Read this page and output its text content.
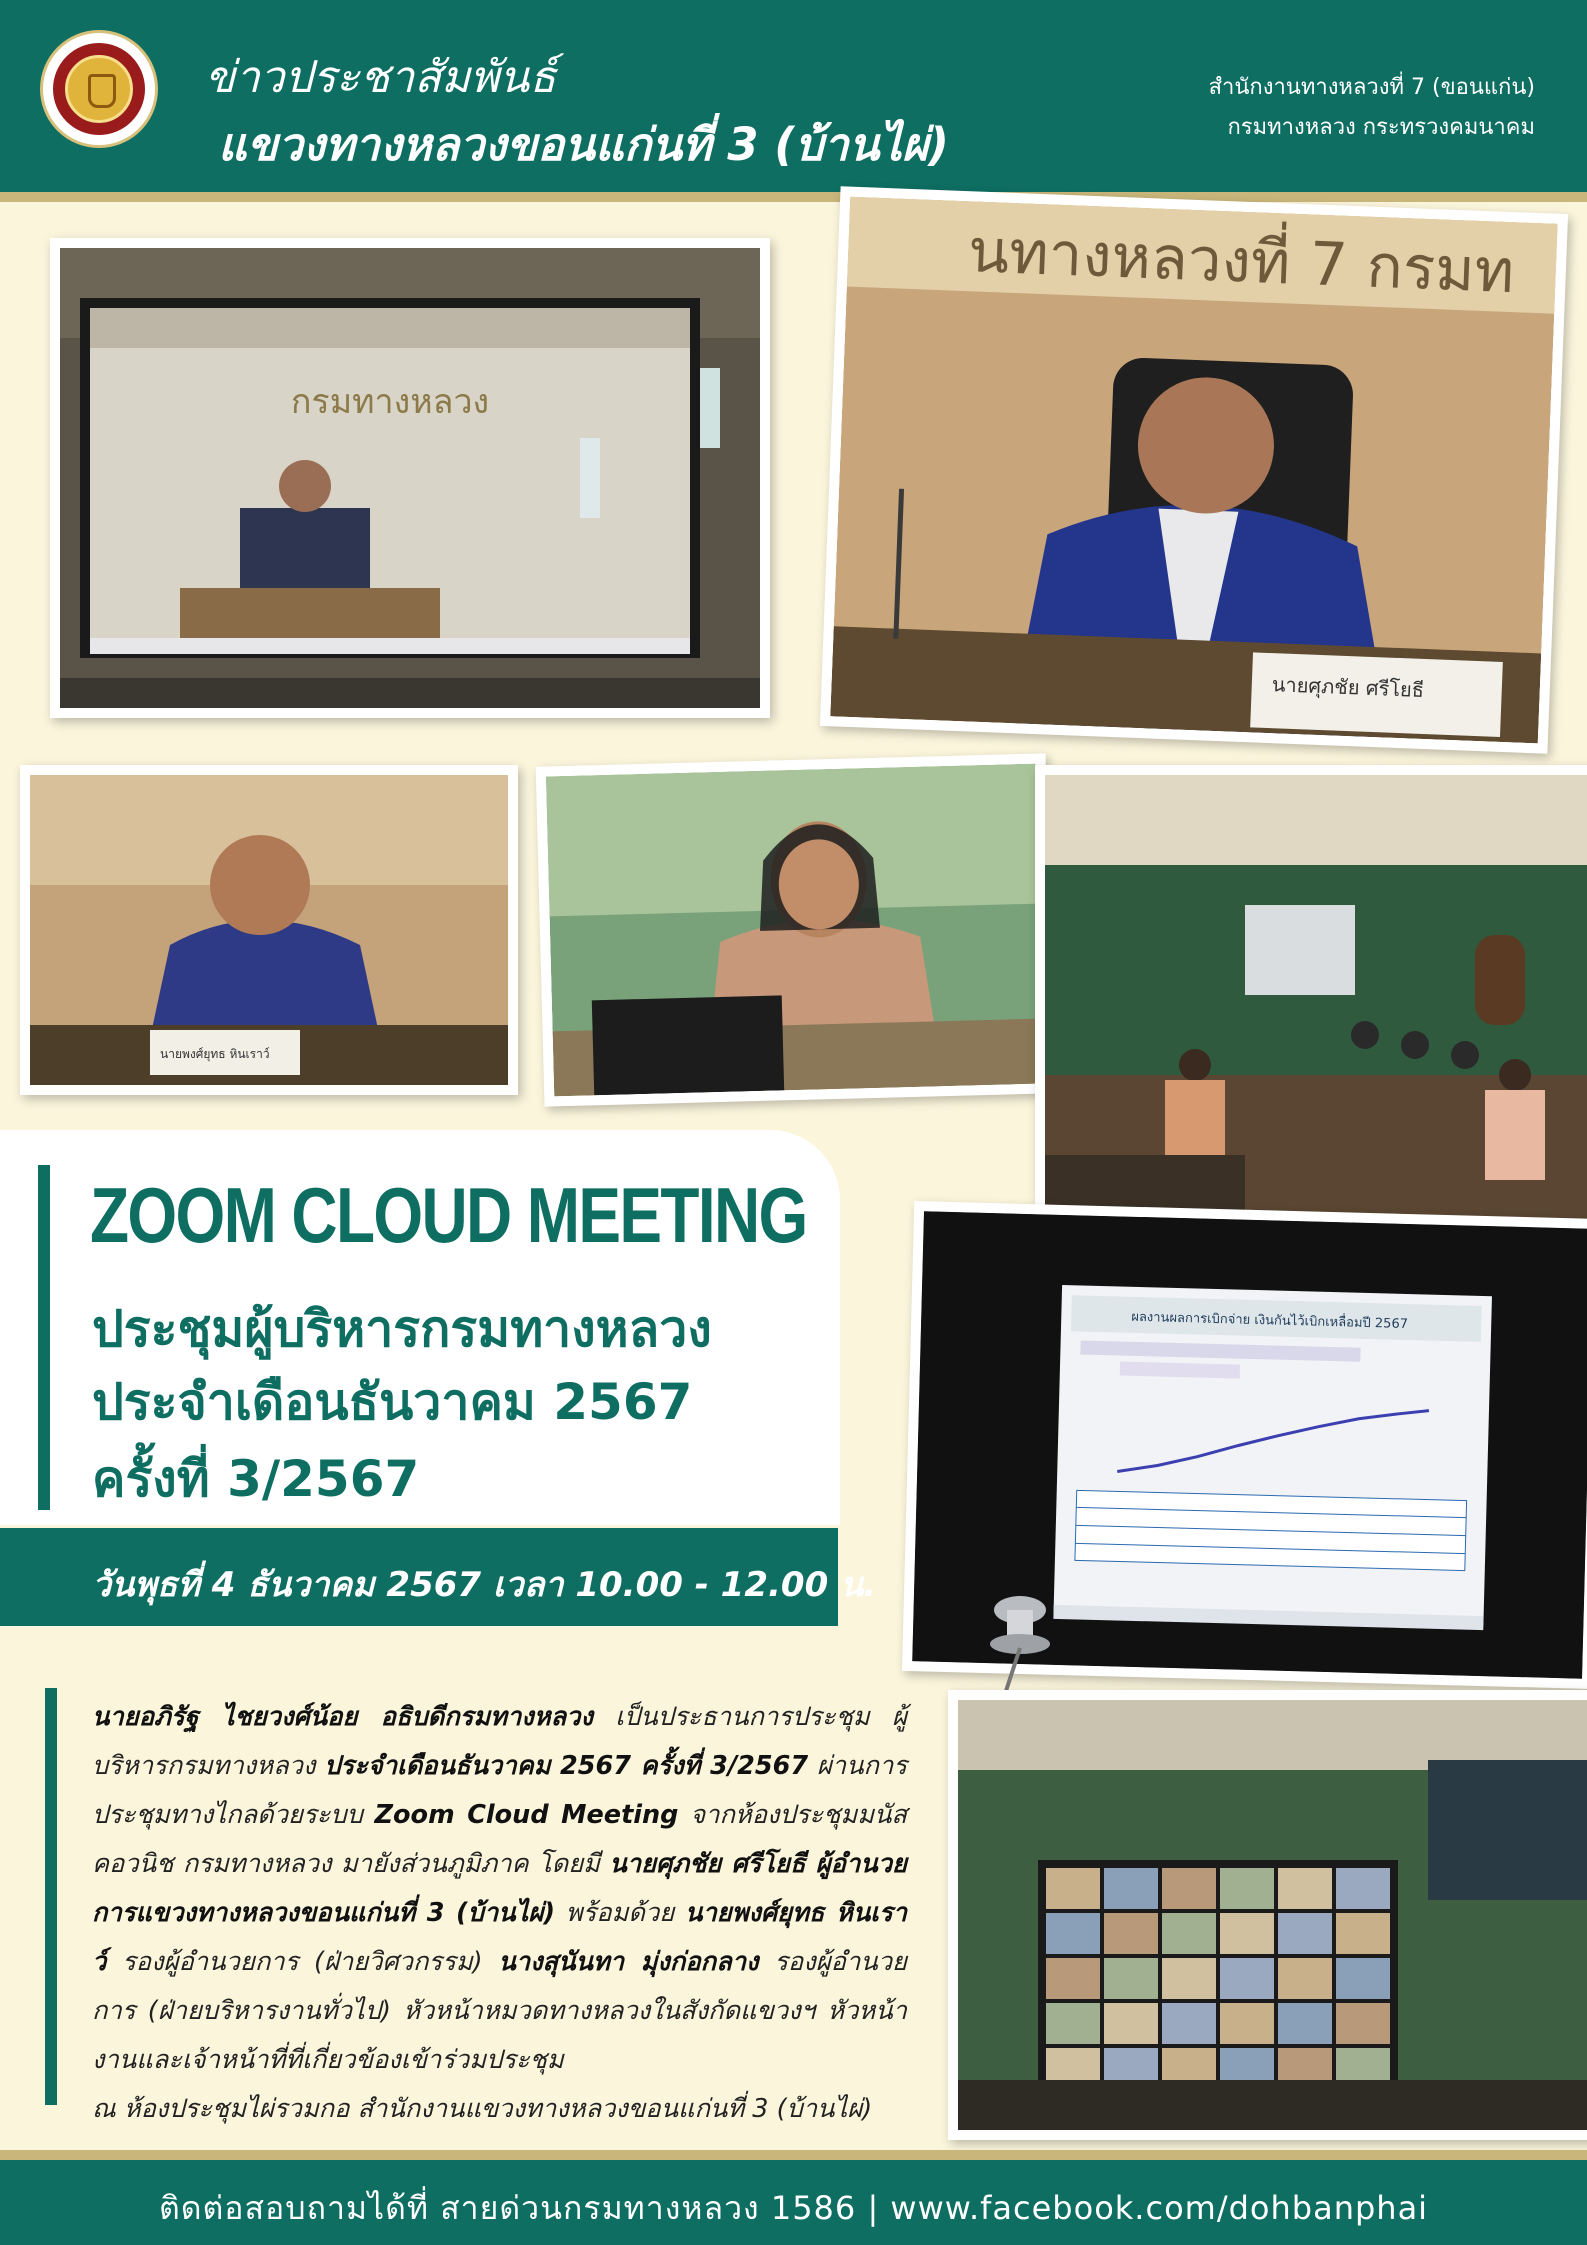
ข่าวประชาสัมพันธ์
แขวงทางหลวงขอนแก่นที่ 3 (บ้านไผ่)
สำนักงานทางหลวงที่ 7 (ขอนแก่น)
กรมทางหลวง กระทรวงคมนาคม
กรมทางหลวง
นทางหลวงที่ 7 กรมท
นายศุภชัย ศรีโยธี
นายพงศ์ยุทธ หินเราว์
ผลงานผลการเบิกจ่าย เงินกันไว้เบิกเหลื่อมปี 2567
ZOOM CLOUD MEETING
ประชุมผู้บริหารกรมทางหลวง
ประจำเดือนธันวาคม 2567
ครั้งที่ 3/2567
วันพุธที่ 4 ธันวาคม 2567 เวลา 10.00 - 12.00 น.
นายอภิรัฐ ไชยวงศ์น้อย อธิบดีกรมทางหลวง เป็นประธานการประชุม ผู้บริหารกรมทางหลวง ประจำเดือนธันวาคม 2567 ครั้งที่ 3/2567 ผ่านการประชุมทางไกลด้วยระบบ Zoom Cloud Meeting จากห้องประชุมมนัส คอวนิช กรมทางหลวง มายังส่วนภูมิภาค โดยมี นายศุภชัย ศรีโยธี ผู้อำนวยการแขวงทางหลวงขอนแก่นที่ 3 (บ้านไผ่) พร้อมด้วย นายพงศ์ยุทธ หินเราว์ รองผู้อำนวยการ (ฝ่ายวิศวกรรม) นางสุนันทา มุ่งก่อกลาง รองผู้อำนวยการ (ฝ่ายบริหารงานทั่วไป) หัวหน้าหมวดทางหลวงในสังกัดแขวงฯ หัวหน้างานและเจ้าหน้าที่ที่เกี่ยวข้องเข้าร่วมประชุม
ณ ห้องประชุมไผ่รวมกอ สำนักงานแขวงทางหลวงขอนแก่นที่ 3 (บ้านไผ่)
ติดต่อสอบถามได้ที่ สายด่วนกรมทางหลวง 1586 | www.facebook.com/dohbanphai
